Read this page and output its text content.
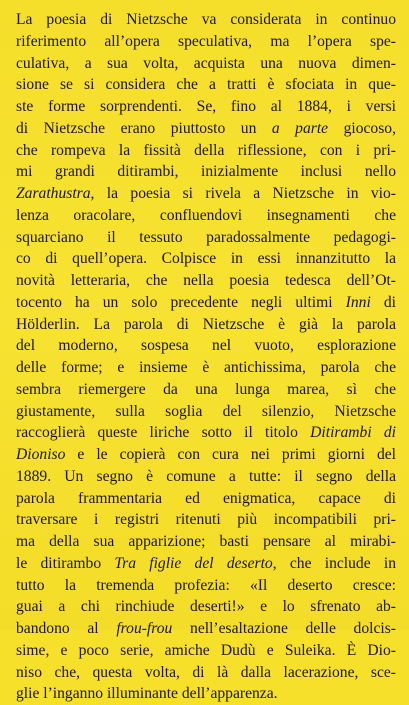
La poesia di Nietzsche va considerata in continuo
riferimento all’opera speculativa, ma l’opera spe-
culativa, a sua volta, acquista una nuova dimen-
sione se si considera che a tratti è sfociata in que-
ste forme sorprendenti. Se, fino al 1884, i versi
di Nietzsche erano piuttosto un a parte giocoso,
che rompeva la fissità della riflessione, con i pri-
mi grandi ditirambi, inizialmente inclusi nello
Zarathustra, la poesia si rivela a Nietzsche in vio-
lenza oracolare, confluendovi insegnamenti che
squarciano il tessuto paradossalmente pedagogi-
co di quell’opera. Colpisce in essi innanzitutto la
novità letteraria, che nella poesia tedesca dell’Ot-
tocento ha un solo precedente negli ultimi Inni di
Hölderlin. La parola di Nietzsche è già la parola
del moderno, sospesa nel vuoto, esplorazione
delle forme; e insieme è antichissima, parola che
sembra riemergere da una lunga marea, sì che
giustamente, sulla soglia del silenzio, Nietzsche
raccoglierà queste liriche sotto il titolo Ditirambi di
Dioniso e le copierà con cura nei primi giorni del
1889. Un segno è comune a tutte: il segno della
parola frammentaria ed enigmatica, capace di
traversare i registri ritenuti più incompatibili pri-
ma della sua apparizione; basti pensare al mirabi-
le ditirambo Tra figlie del deserto, che include in
tutto la tremenda profezia: «Il deserto cresce:
guai a chi rinchiude deserti!» e lo sfrenato ab-
bandono al frou-frou nell’esaltazione delle dolcis-
sime, e poco serie, amiche Dudù e Suleika. È Dio-
niso che, questa volta, di là dalla lacerazione, sce-
glie l’inganno illuminante dell’apparenza.
